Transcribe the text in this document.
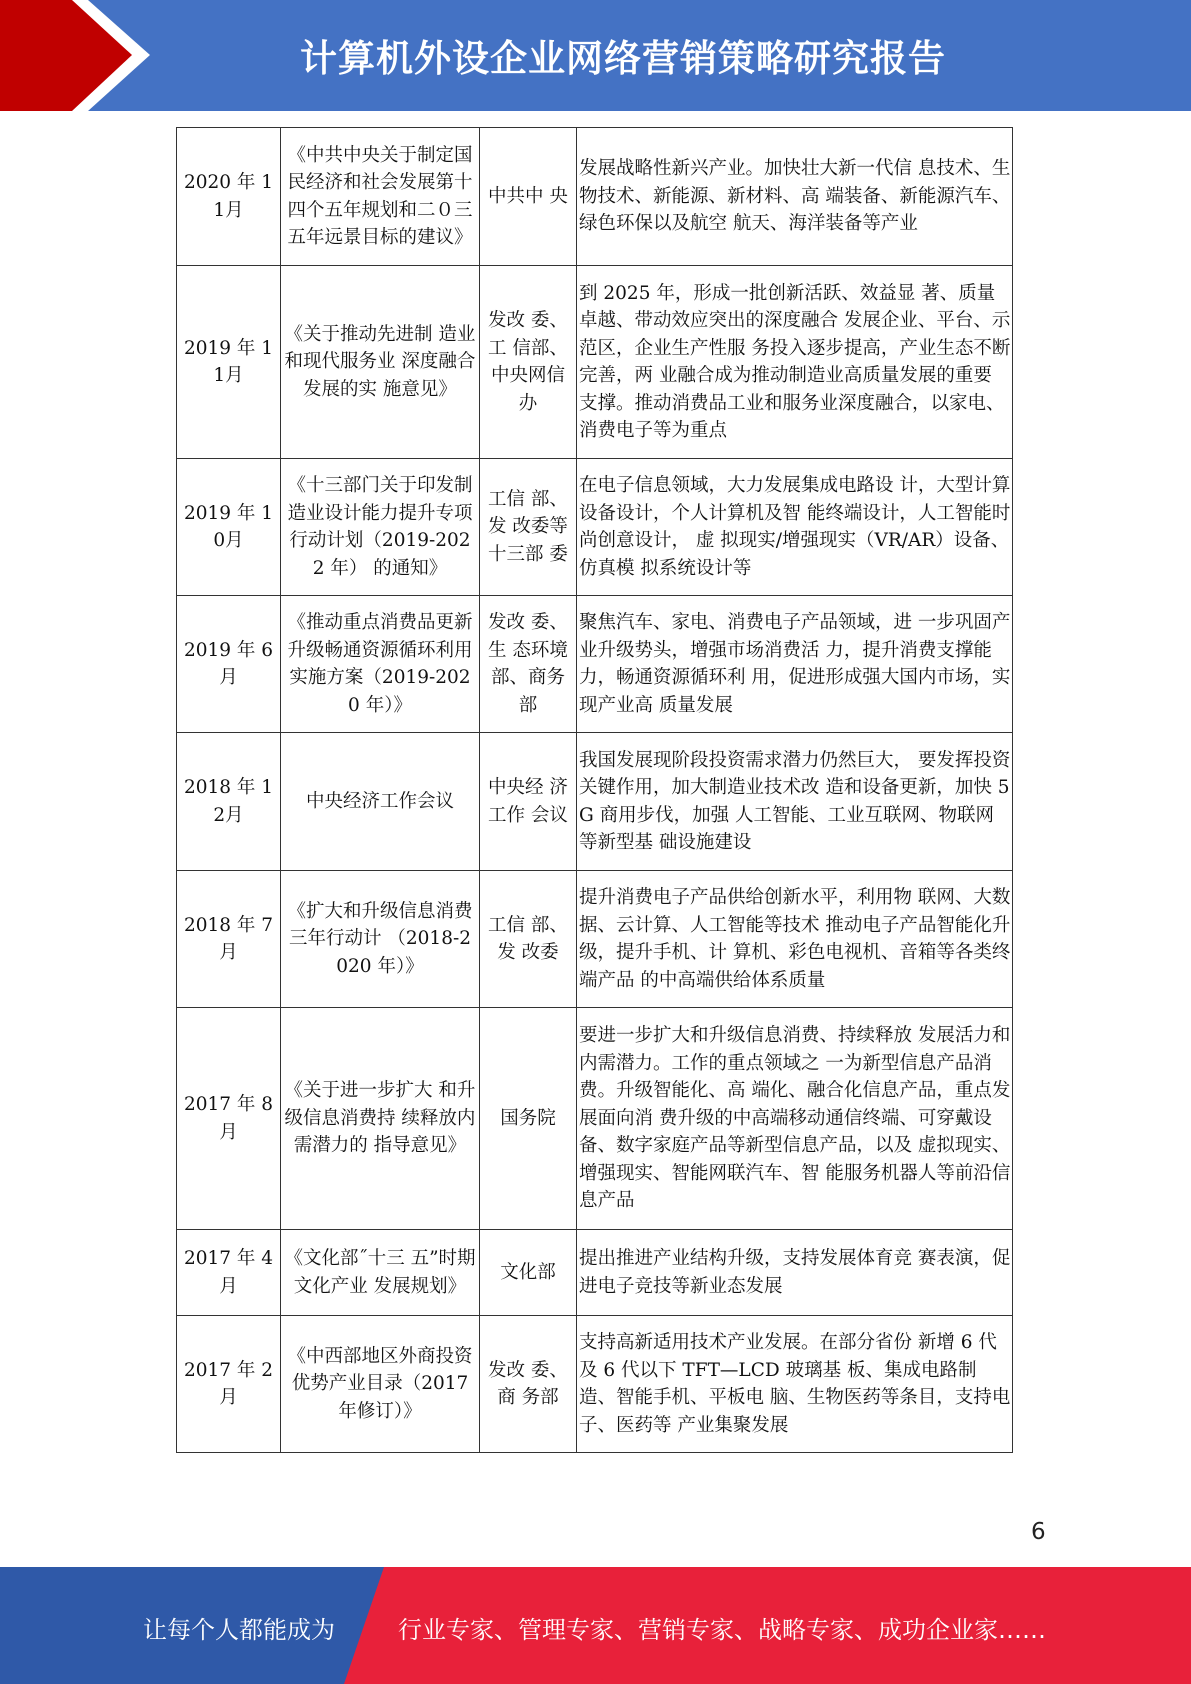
计算机外设企业网络营销策略研究报告
2020 年 11月	《中共中央关于制定国民经济和社会发展第十四个五年规划和二０三五年远景目标的建议》	中共中 央	发展战略性新兴产业。加快壮大新一代信 息技术、生物技术、新能源、新材料、高 端装备、新能源汽车、绿色环保以及航空 航天、海洋装备等产业
2019 年 11月	《关于推动先进制 造业和现代服务业 深度融合发展的实 施意见》	发改 委、工 信部、中央网信办	到 2025 年，形成一批创新活跃、效益显 著、质量卓越、带动效应突出的深度融合 发展企业、平台、示范区，企业生产性服 务投入逐步提高，产业生态不断完善，两 业融合成为推动制造业高质量发展的重要 支撑。推动消费品工业和服务业深度融合，以家电、消费电子等为重点
2019 年 10月	《十三部门关于印发制造业设计能力提升专项行动计划（2019-2022 年） 的通知》	工信 部、发 改委等十三部 委	在电子信息领域，大力发展集成电路设 计，大型计算设备设计，个人计算机及智 能终端设计，人工智能时尚创意设计， 虚 拟现实/增强现实（VR/AR）设备、仿真模 拟系统设计等
2019 年 6月	《推动重点消费品更新升级畅通资源循环利用实施方案（2019-2020 年）》	发改 委、生 态环境部、商务部	聚焦汽车、家电、消费电子产品领域，进 一步巩固产业升级势头，增强市场消费活 力，提升消费支撑能力，畅通资源循环利 用，促进形成强大国内市场，实现产业高 质量发展
2018 年 12月	中央经济工作会议	中央经 济工作 会议	我国发展现阶段投资需求潜力仍然巨大， 要发挥投资关键作用，加大制造业技术改 造和设备更新，加快 5G 商用步伐，加强 人工智能、工业互联网、物联网等新型基 础设施建设
2018 年 7月	《扩大和升级信息消费三年行动计 （2018-2020 年）》	工信 部、发 改委	提升消费电子产品供给创新水平，利用物 联网、大数据、云计算、人工智能等技术 推动电子产品智能化升级，提升手机、计 算机、彩色电视机、音箱等各类终端产品 的中高端供给体系质量
2017 年 8月	《关于进一步扩大 和升级信息消费持 续释放内需潜力的 指导意见》	国务院	要进一步扩大和升级信息消费、持续释放 发展活力和内需潜力。工作的重点领域之 一为新型信息产品消费。升级智能化、高 端化、融合化信息产品，重点发展面向消 费升级的中高端移动通信终端、可穿戴设 备、数字家庭产品等新型信息产品，以及 虚拟现实、增强现实、智能网联汽车、智 能服务机器人等前沿信息产品
2017 年 4月	《文化部˝十三 五”时期文化产业 发展规划》	文化部	提出推进产业结构升级，支持发展体育竞 赛表演，促进电子竞技等新业态发展
2017 年 2月	《中西部地区外商投资优势产业目录（2017 年修订）》	发改 委、商 务部	支持高新适用技术产业发展。在部分省份 新增 6 代及 6 代以下 TFT—LCD 玻璃基 板、集成电路制造、智能手机、平板电 脑、生物医药等条目，支持电子、医药等 产业集聚发展
6
让每个人都能成为	行业专家、管理专家、营销专家、战略专家、成功企业家……
